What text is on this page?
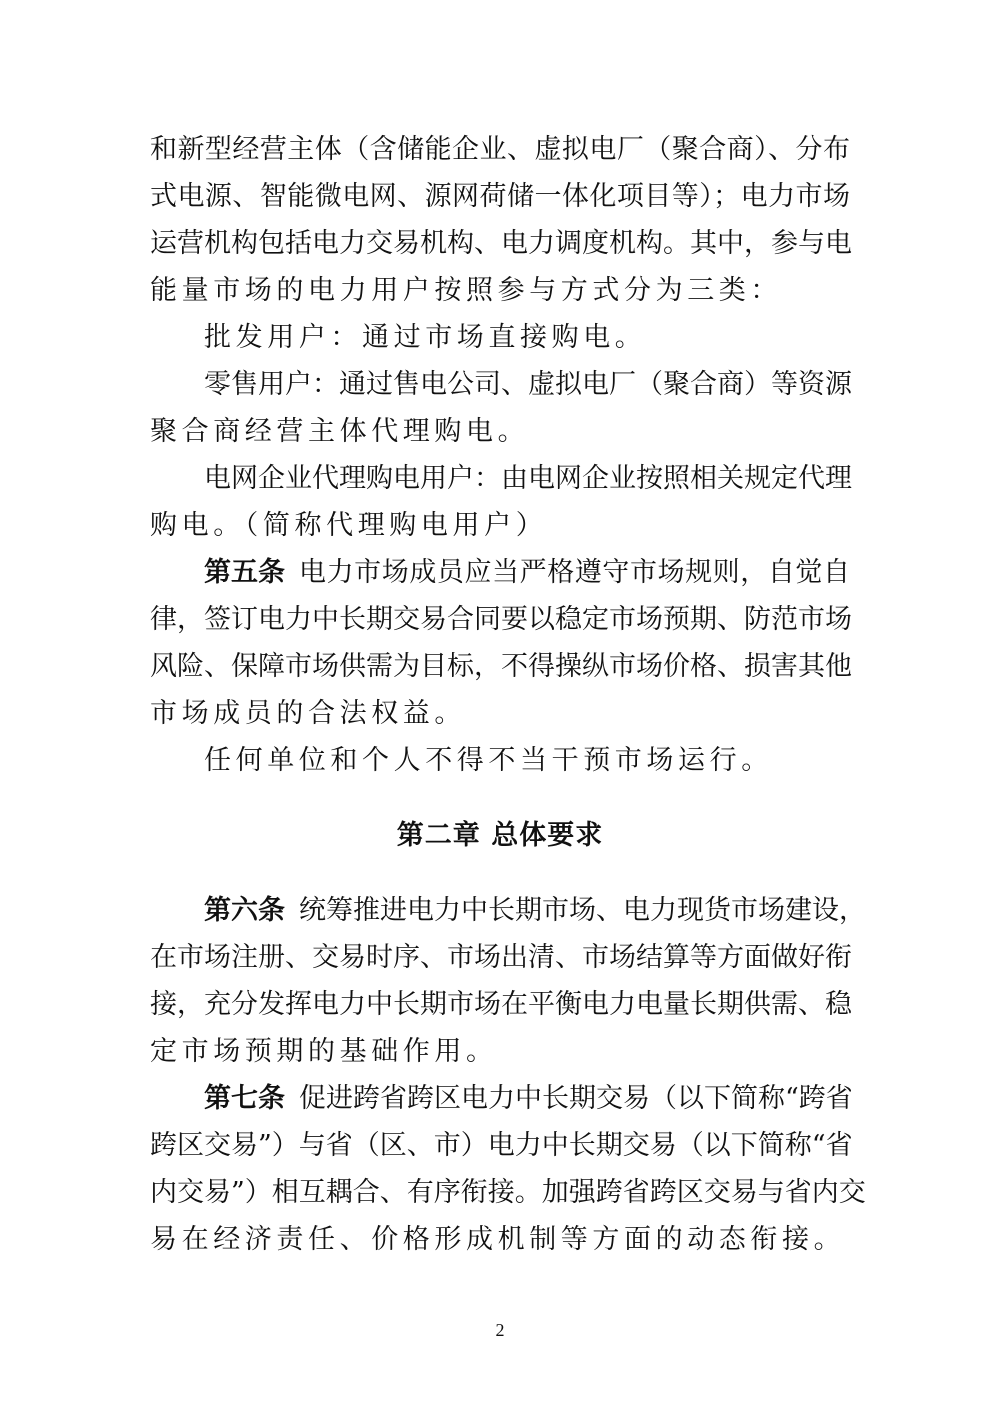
和新型经营主体（含储能企业、虚拟电厂（聚合商）、分布
式电源、智能微电网、源网荷储一体化项目等）；电力市场
运营机构包括电力交易机构、电力调度机构。其中，参与电
能量市场的电力用户按照参与方式分为三类：
批发用户：通过市场直接购电。
零售用户：通过售电公司、虚拟电厂（聚合商）等资源
聚合商经营主体代理购电。
电网企业代理购电用户：由电网企业按照相关规定代理
购电。（简称代理购电用户）
第五条 电力市场成员应当严格遵守市场规则，自觉自
律，签订电力中长期交易合同要以稳定市场预期、防范市场
风险、保障市场供需为目标，不得操纵市场价格、损害其他
市场成员的合法权益。
任何单位和个人不得不当干预市场运行。
第二章 总体要求
第六条 统筹推进电力中长期市场、电力现货市场建设，
在市场注册、交易时序、市场出清、市场结算等方面做好衔
接，充分发挥电力中长期市场在平衡电力电量长期供需、稳
定市场预期的基础作用。
第七条 促进跨省跨区电力中长期交易（以下简称“跨省
跨区交易”）与省（区、市）电力中长期交易（以下简称“省
内交易”）相互耦合、有序衔接。加强跨省跨区交易与省内交
易在经济责任、价格形成机制等方面的动态衔接。
2
